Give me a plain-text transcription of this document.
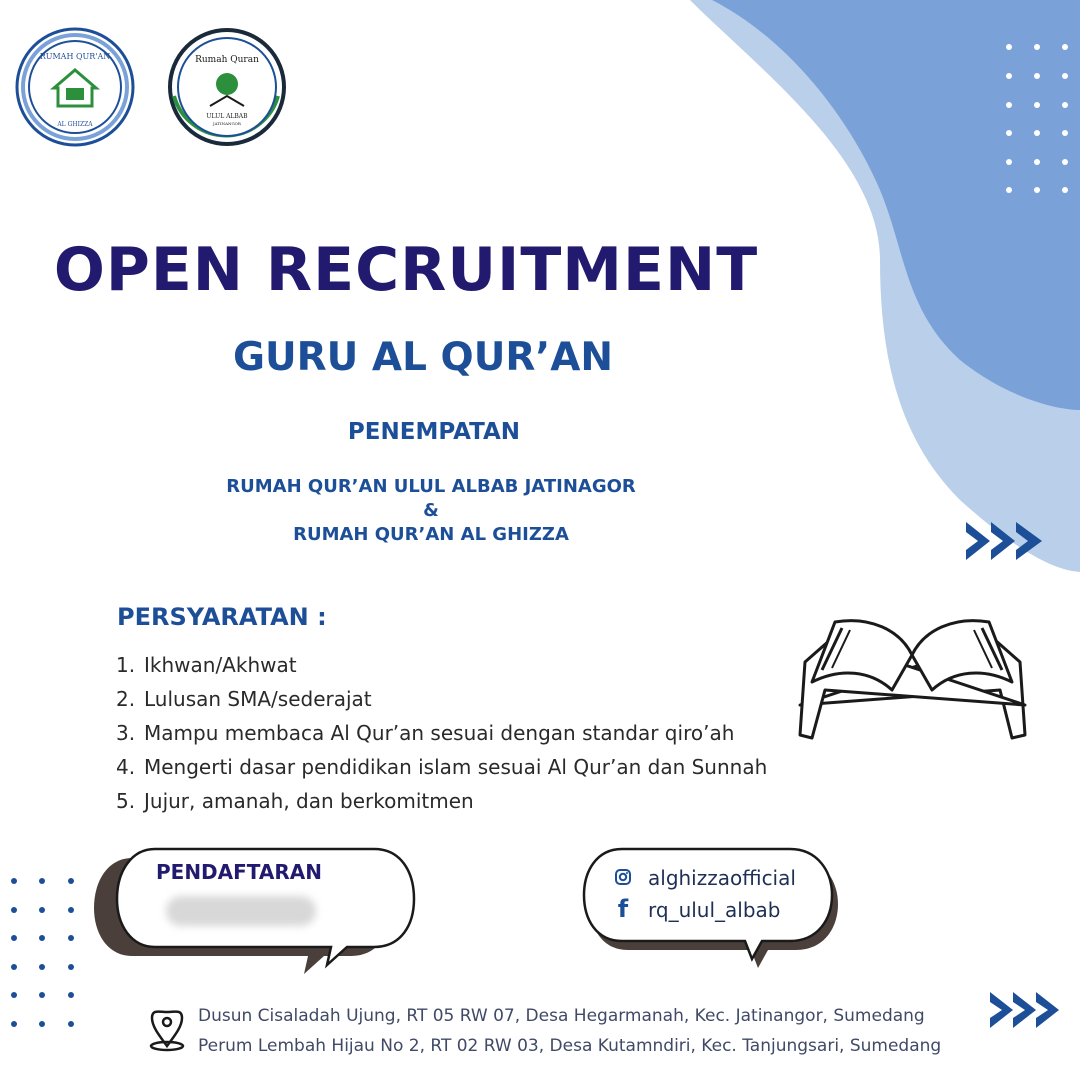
RUMAH QUR'AN
AL GHIZZA
Rumah Quran
ULUL ALBAB
JATINANGOR
OPEN RECRUITMENT
GURU AL QUR’AN
PENEMPATAN
RUMAH QUR’AN ULUL ALBAB JATINAGOR
&
RUMAH QUR’AN AL GHIZZA
PERSYARATAN :
1. Ikhwan/Akhwat
2. Lulusan SMA/sederajat
3. Mampu membaca Al Qur’an sesuai dengan standar qiro’ah
4. Mengerti dasar pendidikan islam sesuai Al Qur’an dan Sunnah
5. Jujur, amanah, dan berkomitmen
PENDAFTARAN	alghizzaofficial
f rq_ulul_albab
Dusun Cisaladah Ujung, RT 05 RW 07, Desa Hegarmanah, Kec. Jatinangor, Sumedang
Perum Lembah Hijau No 2, RT 02 RW 03, Desa Kutamndiri, Kec. Tanjungsari, Sumedang
